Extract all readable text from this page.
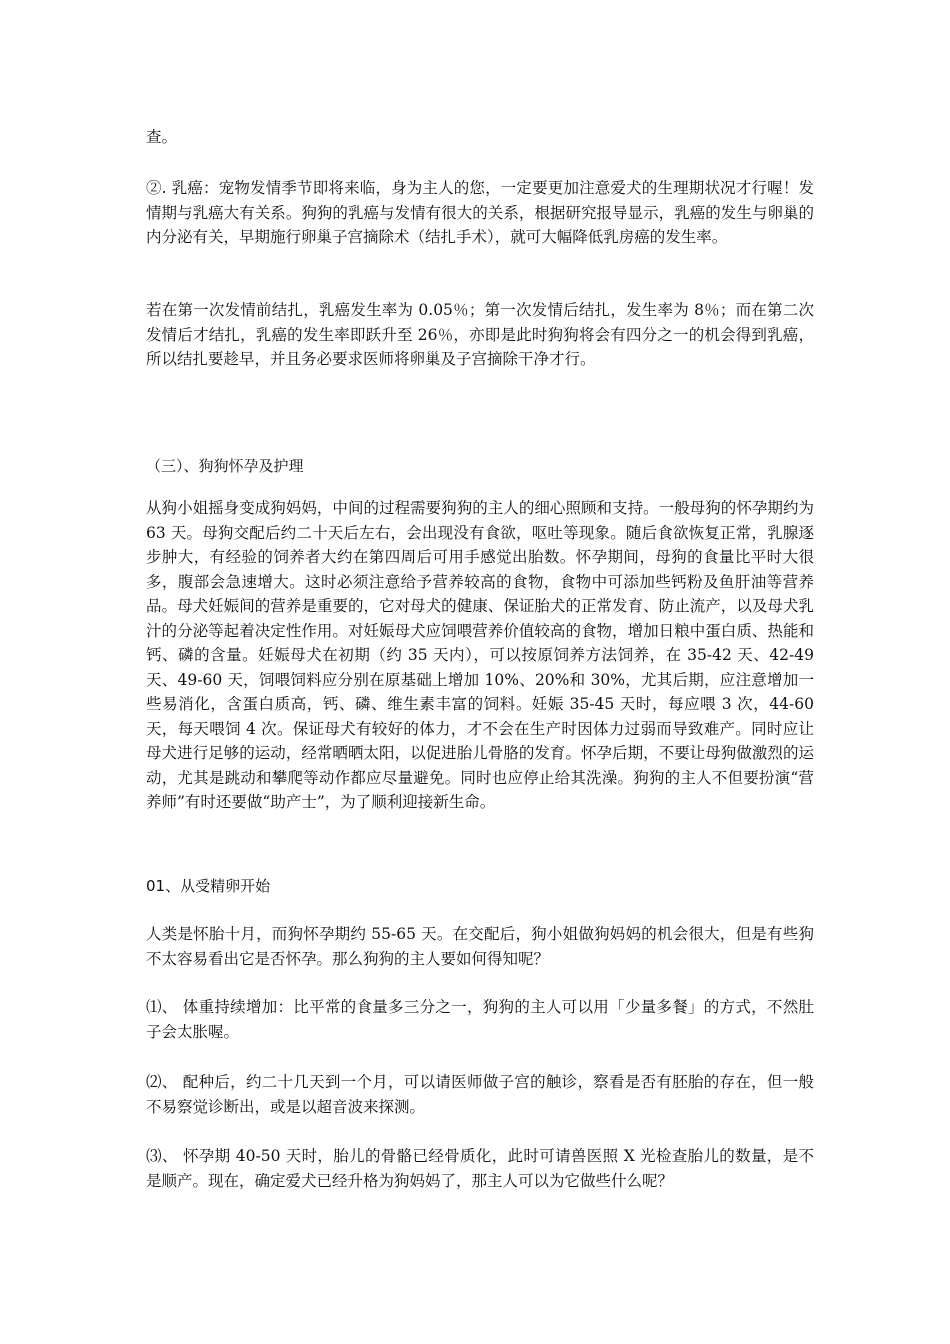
查。

②. 乳癌：宠物发情季节即将来临，身为主人的您，一定要更加注意爱犬的生理期状况才行喔！发情期与乳癌大有关系。狗狗的乳癌与发情有很大的关系，根据研究报导显示，乳癌的发生与卵巢的内分泌有关，早期施行卵巢子宫摘除术（结扎手术），就可大幅降低乳房癌的发生率。

若在第一次发情前结扎，乳癌发生率为 0.05％；第一次发情后结扎，发生率为 8％；而在第二次发情后才结扎，乳癌的发生率即跃升至 26％，亦即是此时狗狗将会有四分之一的机会得到乳癌，所以结扎要趁早，并且务必要求医师将卵巢及子宫摘除干净才行。

（三）、狗狗怀孕及护理

从狗小姐摇身变成狗妈妈，中间的过程需要狗狗的主人的细心照顾和支持。一般母狗的怀孕期约为 63 天。母狗交配后约二十天后左右，会出现没有食欲，呕吐等现象。随后食欲恢复正常，乳腺逐步肿大，有经验的饲养者大约在第四周后可用手感觉出胎数。怀孕期间，母狗的食量比平时大很多，腹部会急速增大。这时必须注意给予营养较高的食物，食物中可添加些钙粉及鱼肝油等营养品。母犬妊娠间的营养是重要的，它对母犬的健康、保证胎犬的正常发育、防止流产，以及母犬乳汁的分泌等起着决定性作用。对妊娠母犬应饲喂营养价值较高的食物，增加日粮中蛋白质、热能和钙、磷的含量。妊娠母犬在初期（约 35 天内），可以按原饲养方法饲养，在 35-42 天、42-49 天、49-60 天，饲喂饲料应分别在原基础上增加 10%、20%和 30%，尤其后期，应注意增加一些易消化，含蛋白质高，钙、磷、维生素丰富的饲料。妊娠 35-45 天时，每应喂 3 次，44-60 天，每天喂饲 4 次。保证母犬有较好的体力，才不会在生产时因体力过弱而导致难产。同时应让母犬进行足够的运动，经常晒晒太阳，以促进胎儿骨胳的发育。怀孕后期，不要让母狗做激烈的运动，尤其是跳动和攀爬等动作都应尽量避免。同时也应停止给其洗澡。狗狗的主人不但要扮演“营养师”有时还要做“助产士”，为了顺利迎接新生命。

01、从受精卵开始

人类是怀胎十月，而狗怀孕期约 55-65 天。在交配后，狗小姐做狗妈妈的机会很大，但是有些狗不太容易看出它是否怀孕。那么狗狗的主人要如何得知呢？

⑴、 体重持续增加：比平常的食量多三分之一，狗狗的主人可以用「少量多餐」的方式，不然肚子会太胀喔。

⑵、 配种后，约二十几天到一个月，可以请医师做子宫的触诊，察看是否有胚胎的存在，但一般不易察觉诊断出，或是以超音波来探测。

⑶、 怀孕期 40-50 天时，胎儿的骨骼已经骨质化，此时可请兽医照 X 光检查胎儿的数量，是不是顺产。现在，确定爱犬已经升格为狗妈妈了，那主人可以为它做些什么呢？
